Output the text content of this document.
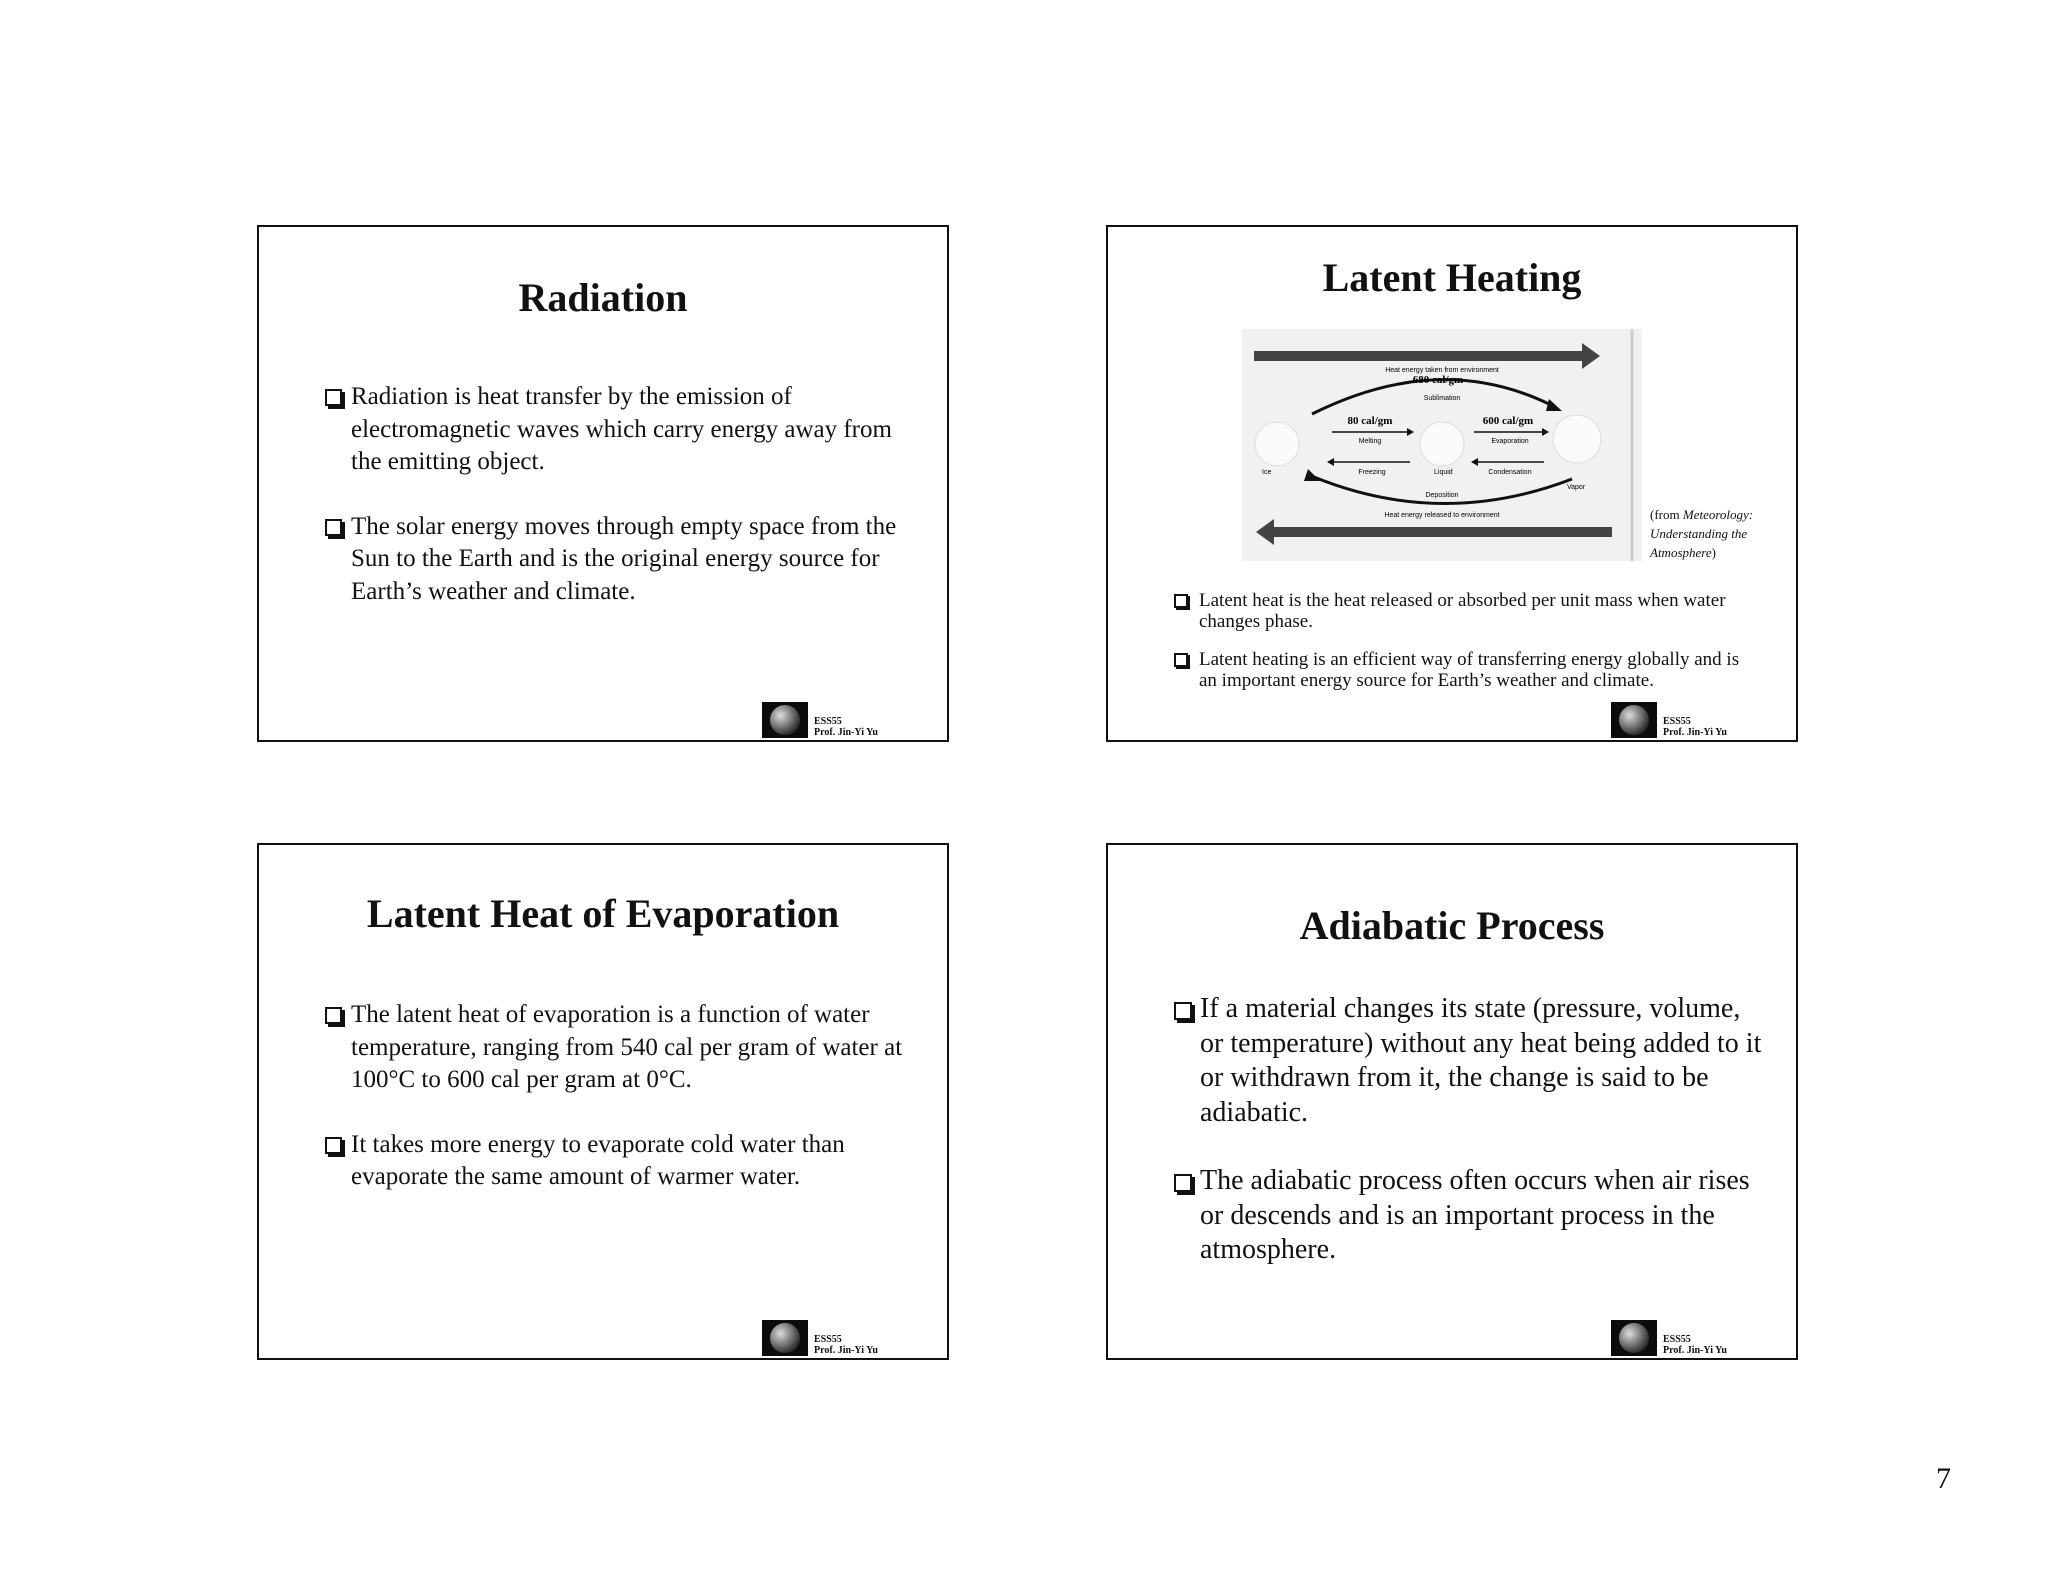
Radiation
Radiation is heat transfer by the emission of electromagnetic waves which carry energy away from the emitting object.
The solar energy moves through empty space from the Sun to the Earth and is the original energy source for Earth’s weather and climate.
ESS55
Prof. Jin-Yi Yu
Latent Heating
Latent heat is the heat released or absorbed per unit mass when water changes phase.
Latent heating is an efficient way of transferring energy globally and is an important energy source for Earth’s weather and climate.
ESS55
Prof. Jin-Yi Yu
Heat energy taken from environment
680 cal/gm
Sublimation
Ice	Liquid
Vapor
80 cal/gm
Melting
Freezing
600 cal/gm
Evaporation
Condensation
Deposition
Heat energy released to environment	(from Meteorology: Understanding the Atmosphere)
Latent Heat of Evaporation
The latent heat of evaporation is a function of water temperature, ranging from 540 cal per gram of water at 100°C to 600 cal per gram at 0°C.
It takes more energy to evaporate cold water than evaporate the same amount of warmer water.
ESS55
Prof. Jin-Yi Yu
Adiabatic Process
If a material changes its state (pressure, volume, or temperature) without any heat being added to it or withdrawn from it, the change is said to be adiabatic.
The adiabatic process often occurs when air rises or descends and is an important process in the atmosphere.
ESS55
Prof. Jin-Yi Yu
7
